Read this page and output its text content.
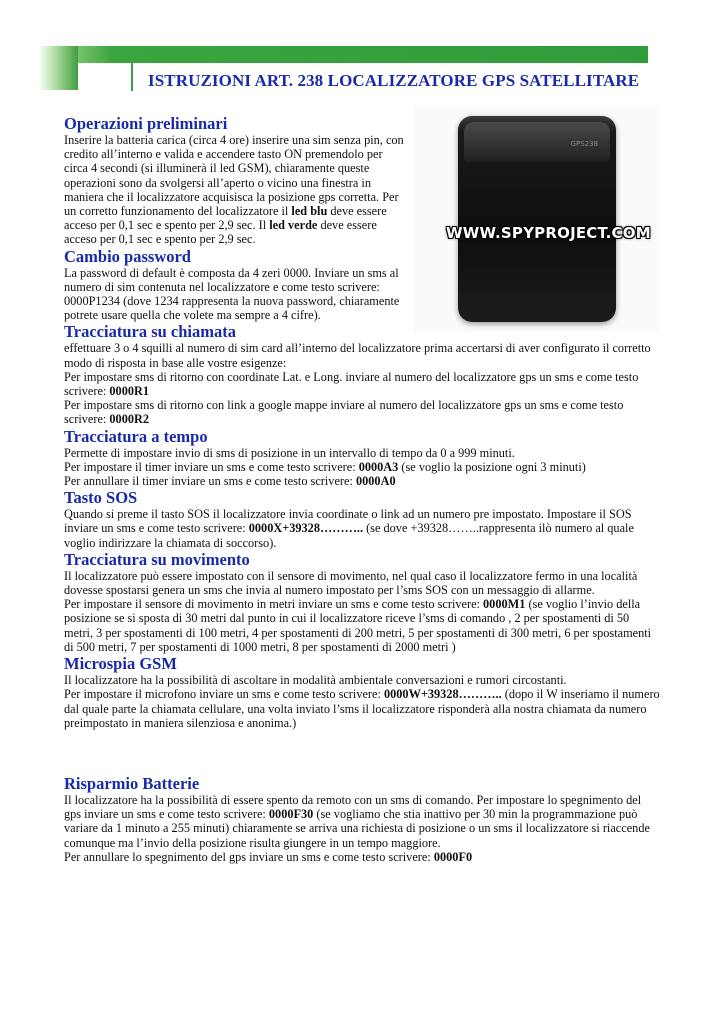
ISTRUZIONI ART. 238 LOCALIZZATORE GPS SATELLITARE
GPS238
WWW.SPYPROJECT.COM
Operazioni preliminari

Inserire la batteria carica (circa 4 ore) inserire una sim senza pin, con credito all’interno e valida e accendere tasto ON premendolo per circa 4 secondi (si illuminerà il led GSM), chiaramente queste operazioni sono da svolgersi all’aperto o vicino una finestra in maniera che il localizzatore acquisisca la posizione gps corretta. Per un corretto funzionamento del localizzatore il led blu deve essere acceso per 0,1 sec e spento per 2,9 sec. Il led verde deve essere acceso per 0,1 sec e spento per 2,9 sec.

Cambio password

La password di default è composta da 4 zeri 0000. Inviare un sms al numero di sim contenuta nel localizzatore e come testo scrivere: 0000P1234 (dove 1234 rappresenta la nuova password, chiaramente potrete usare quella che volete ma sempre a 4 cifre).

Tracciatura su chiamata

effettuare 3 o 4 squilli al numero di sim card all’interno del localizzatore prima accertarsi di aver configurato il corretto modo di risposta in base alle vostre esigenze:

Per impostare sms di ritorno con coordinate Lat. e Long. inviare al numero del localizzatore gps un sms e come testo scrivere: 0000R1

Per impostare sms di ritorno con link a google mappe inviare al numero del localizzatore gps un sms e come testo scrivere: 0000R2

Tracciatura a tempo

Permette di impostare invio di sms di posizione in un intervallo di tempo da 0 a 999 minuti.

Per impostare il timer inviare un sms e come testo scrivere: 0000A3 (se voglio la posizione ogni 3 minuti)

Per annullare il timer inviare un sms e come testo scrivere: 0000A0

Tasto SOS

Quando si preme il tasto SOS il localizzatore invia coordinate o link ad un numero pre impostato. Impostare il SOS inviare un sms e come testo scrivere: 0000X+39328……….. (se dove +39328……..rappresenta ilò numero al quale voglio indirizzare la chiamata di soccorso).

Tracciatura su movimento

Il localizzatore può essere impostato con il sensore di movimento, nel qual caso il localizzatore fermo in una località dovesse spostarsi genera un sms che invia al numero impostato per l’sms SOS con un messaggio di allarme.

Per impostare il sensore di movimento in metri inviare un sms e come testo scrivere: 0000M1 (se voglio l’invio della posizione se si sposta di 30 metri dal punto in cui il localizzatore riceve l’sms di comando , 2 per spostamenti di 50 metri, 3 per spostamenti di 100 metri, 4 per spostamenti di 200 metri, 5 per spostamenti di 300 metri, 6 per spostamenti di 500 metri, 7 per spostamenti di 1000 metri, 8 per spostamenti di 2000 metri )

Microspia GSM

Il localizzatore ha la possibilità di ascoltare in modalità ambientale conversazioni e rumori circostanti.

Per impostare il microfono inviare un sms e come testo scrivere: 0000W+39328……….. (dopo il W inseriamo il numero dal quale parte la chiamata cellulare, una volta inviato l’sms il localizzatore risponderà alla nostra chiamata da numero preimpostato in maniera silenziosa e anonima.)

Risparmio Batterie

Il localizzatore ha la possibilità di essere spento da remoto con un sms di comando. Per impostare lo spegnimento del gps inviare un sms e come testo scrivere: 0000F30 (se vogliamo che stia inattivo per 30 min la programmazione può variare da 1 minuto a 255 minuti) chiaramente se arriva una richiesta di posizione o un sms il localizzatore si riaccende comunque ma l’invio della posizione risulta giungere in un tempo maggiore.

Per annullare lo spegnimento del gps inviare un sms e come testo scrivere: 0000F0
